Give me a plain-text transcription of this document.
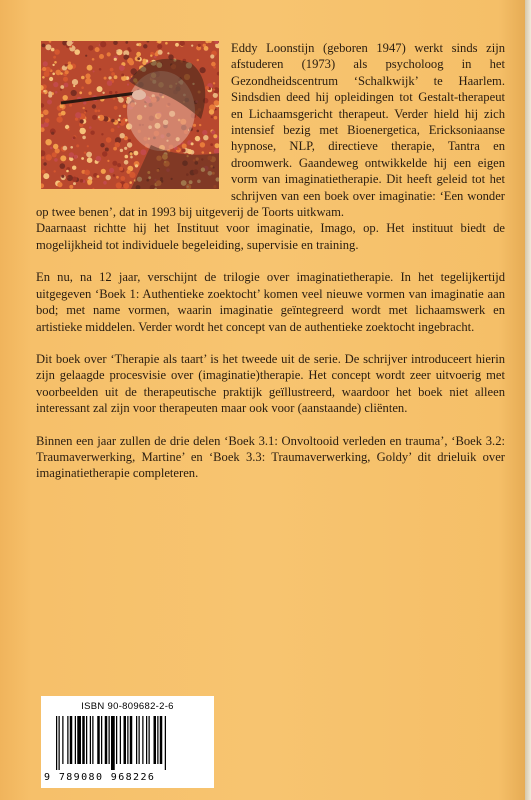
Eddy Loonstijn (geboren 1947) werkt sinds zijn afstuderen (1973) als psycholoog in het Gezondheidscentrum ‘Schalkwijk’ te Haarlem. Sindsdien deed hij opleidingen tot Gestalt-therapeut en Lichaamsgericht therapeut. Verder hield hij zich intensief bezig met Bioenergetica, Ericksoniaanse hypnose, NLP, directieve therapie, Tantra en droomwerk. Gaandeweg ontwikkelde hij een eigen vorm van imaginatietherapie. Dit heeft geleid tot het schrijven van een boek over imaginatie: ‘Een wonder op twee benen’, dat in 1993 bij uitgeverij de Toorts uitkwam.

Daarnaast richtte hij het Instituut voor imaginatie, Imago, op. Het instituut biedt de mogelijkheid tot individuele begeleiding, supervisie en training.

En nu, na 12 jaar, verschijnt de trilogie over imaginatietherapie. In het tegelijkertijd uitgegeven ‘Boek 1: Authentieke zoektocht’ komen veel nieuwe vormen van imaginatie aan bod; met name vormen, waarin imaginatie geïntegreerd wordt met lichaamswerk en artistieke middelen. Verder wordt het concept van de authentieke zoektocht ingebracht.

Dit boek over ‘Therapie als taart’ is het tweede uit de serie. De schrijver introduceert hierin zijn gelaagde procesvisie over (imaginatie)therapie. Het concept wordt zeer uitvoerig met voorbeelden uit de therapeutische praktijk geïllustreerd, waardoor het boek niet alleen interessant zal zijn voor therapeuten maar ook voor (aanstaande) cliënten.

Binnen een jaar zullen de drie delen ‘Boek 3.1: Onvoltooid verleden en trauma’, ‘Boek 3.2: Traumaverwerking, Martine’ en ‘Boek 3.3: Traumaverwerking, Goldy’ dit drieluik over imaginatietherapie completeren.

ISBN 90-809682-2-6
9 789080 968226
